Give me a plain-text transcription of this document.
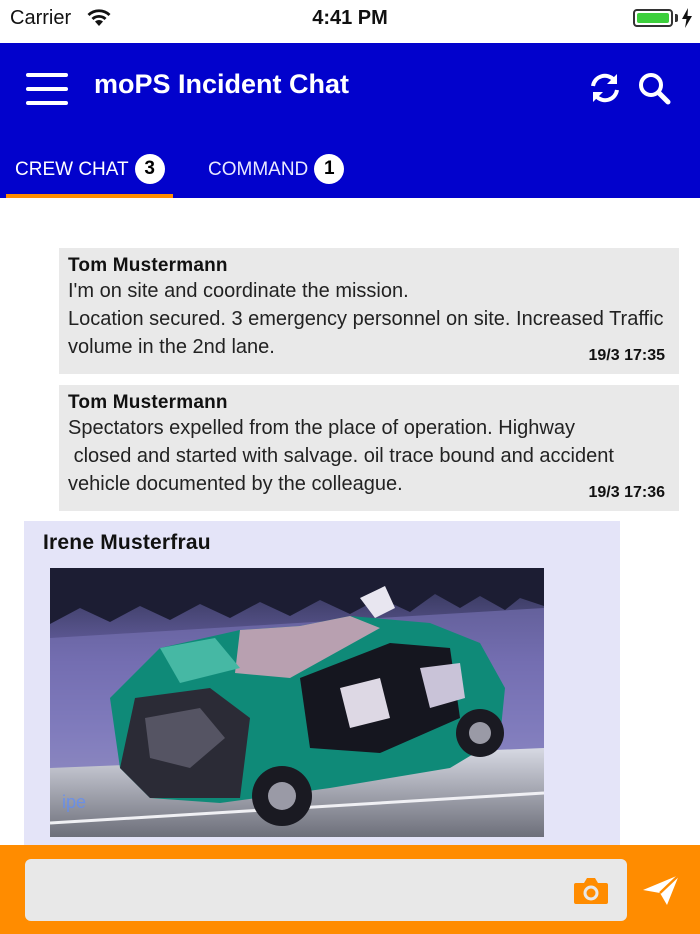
Carrier	4:41 PM
moPS Incident Chat
CREW CHAT 3	COMMAND 1
Tom Mustermann
I'm on site and coordinate the mission.
Location secured. 3 emergency personnel on site. Increased Traffic volume in the 2nd lane.	19/3 17:35
Tom Mustermann
Spectators expelled from the place of operation. Highway
closed and started with salvage. oil trace bound and accident vehicle documented by the colleague.	19/3 17:36
Irene Musterfrau
ipe
